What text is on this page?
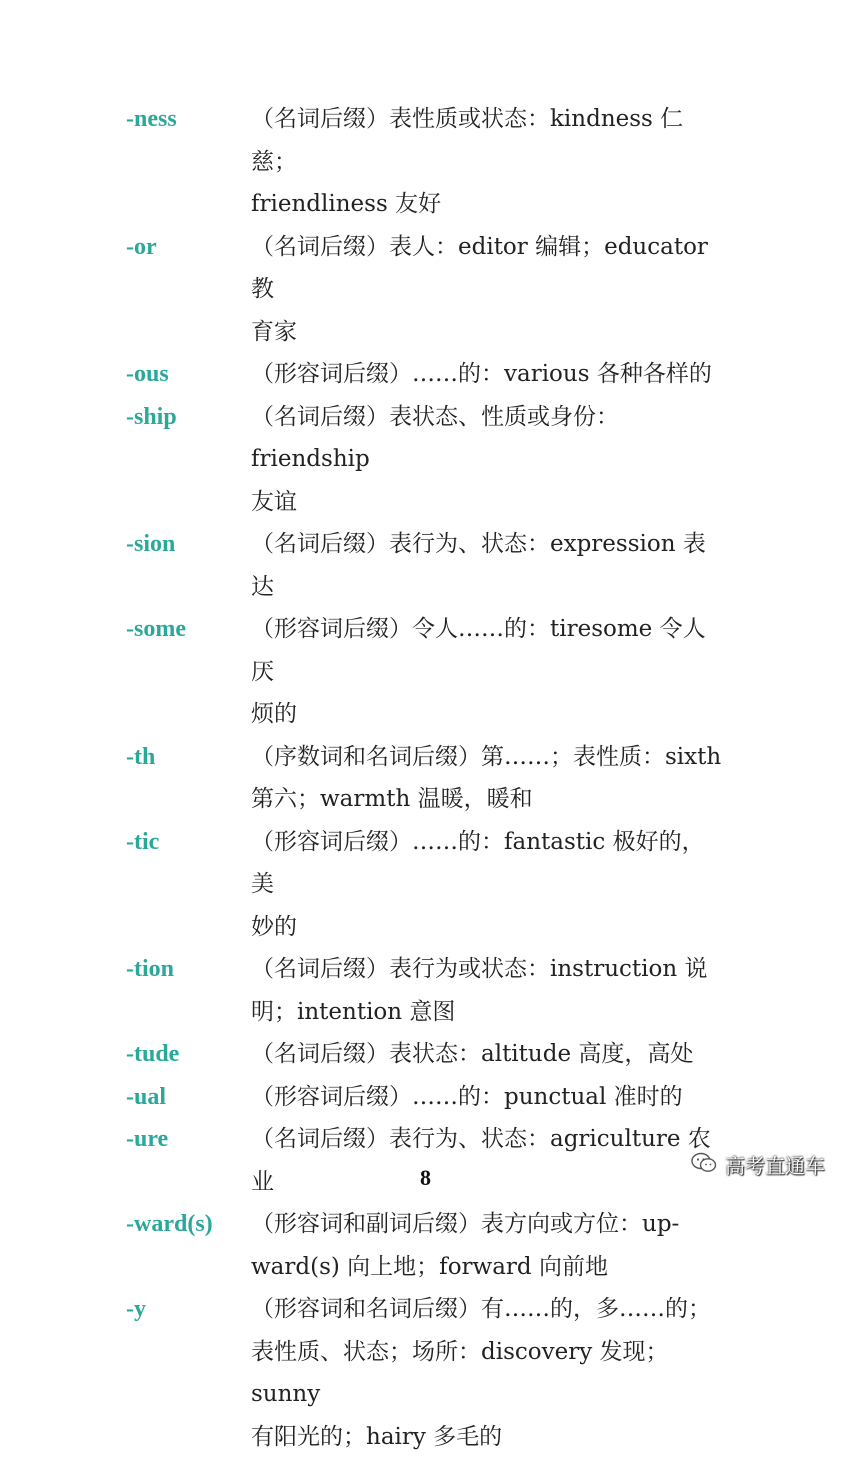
-ness	（名词后缀）表性质或状态：kindness 仁慈；
friendliness 友好
-or	（名词后缀）表人：editor 编辑；educator 教
育家
-ous	（形容词后缀）……的：various 各种各样的
-ship	（名词后缀）表状态、性质或身份：friendship
友谊
-sion	（名词后缀）表行为、状态：expression 表达
-some	（形容词后缀）令人……的：tiresome 令人厌
烦的
-th	（序数词和名词后缀）第……；表性质：sixth
第六；warmth 温暖，暖和
-tic	（形容词后缀）……的：fantastic 极好的，美
妙的
-tion	（名词后缀）表行为或状态：instruction 说
明；intention 意图
-tude	（名词后缀）表状态：altitude 高度，高处
-ual	（形容词后缀）……的：punctual 准时的
-ure	（名词后缀）表行为、状态：agriculture 农业
-ward(s) （形容词和副词后缀）表方向或方位：up-
ward(s) 向上地；forward 向前地
-y	（形容词和名词后缀）有……的，多……的；
表性质、状态；场所：discovery 发现；sunny
有阳光的；hairy 多毛的
8	高考直通车
